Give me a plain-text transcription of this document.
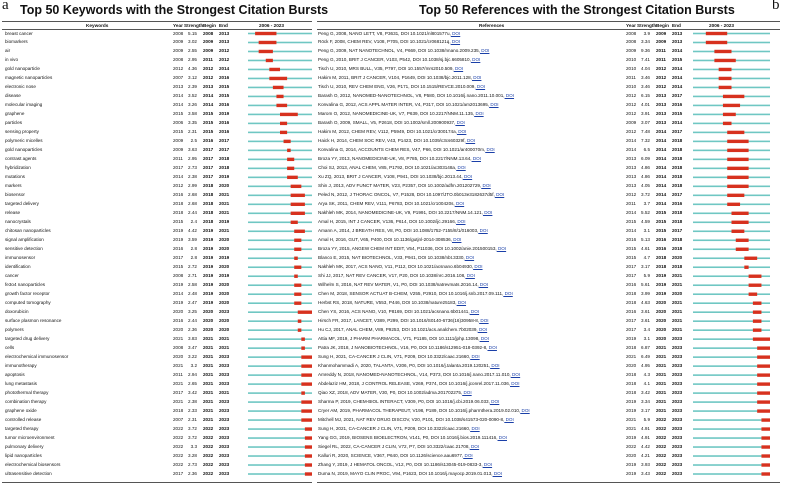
a Top 50 Keywords with the Strongest Citation Bursts
Keywords	Year Strength Begin End	2006 - 2023
breast cancer	2008	5.15 2008 2013
biomarkers	2009	3.02 2009 2013
air	2009	2.55 2009 2012
in vivo	2008	2.95 2011 2012
gold nanoparticle	2012	4.36 2012 2014
magnetic nanoparticles	2007	3.12 2012 2016
electronic nose	2013	2.39 2013 2015
disease	2014	3.52 2014 2015
molecular imaging	2014	3.26 2014 2016
graphene	2015	3.58 2015 2019
particles	2006	3.35 2015 2016
sensing property	2015	2.31 2015 2016
polymeric micelles	2009	2.5 2016 2017
gold nanoparticles	2009	3.63 2017 2017
contrast agents	2011	2.95 2017 2018
hybridization	2017	2.73 2017 2018
mutations	2014	2.38 2017 2019
markers	2012	2.99 2018 2020
biosensor	2016	2.68 2018 2021
targeted delivery	2018	2.68 2018 2021
release	2018	2.44 2018 2021
nanocrystals	2015	2.4 2018 2019
chitosan nanoparticles	2019	4.42 2019 2021
signal amplification	2019	3.59 2019 2020
sensitive detection	2016	2.8 2019 2020
immunosensor	2017	2.8 2019 2019
identification	2015	2.72 2019 2020
cancer	2008	2.71 2019 2019
fe3o4 nanoparticles	2019	2.58 2019 2020
growth factor receptor	2014	2.48 2019 2020
computed tomography	2019	2.47 2019 2020
doxorubicin	2020	3.25 2020 2023
surface plasmon resonance	2016	2.44 2020 2020
polymers	2020	2.36 2020 2020
targeted drug delivery	2021	3.83 2021 2021
cells	2008	3.47 2021 2021
electrochemical immunosensor	2020	3.22 2021 2023
immunotherapy	2021	3.2 2021 2023
apoptosis	2011	2.94 2021 2023
lung metastasis	2021	2.65 2021 2023
photothermal therapy	2017	3.42 2021 2021
combination therapy	2021	2.38 2021 2023
graphene oxide	2018	2.33 2021 2023
controlled release	2007	2.31 2021 2023
targeted therapy	2022	3.72 2022 2023
tumor microenvironment	2022	3.72 2022 2023
pulmonary delivery	2022	3.3 2022 2023
lipid nanoparticles	2022	3.28 2022 2023
electrochemical biosensors	2022	2.73 2022 2023
ultrasensitive detection	2017	2.36 2022 2023
b
Top 50 References with the Strongest Citation Bursts
References	Year Strength Begin End	2006 - 2023
Peng G, 2008, NANO LETT, V8, P3631, DOI 10.1021/nl801577u, DOI	2008	3.9 2009 2013
Röck F, 2008, CHEM REV, V108, P705, DOI 10.1021/cr068121q, DOI	2008	3.34 2009 2013
Peng G, 2009, NAT NANOTECHNOL, V4, P669, DOI 10.1038/nnano.2009.235, DOI	2009	9.36 2011 2014
Peng G, 2010, BRIT J CANCER, V103, P542, DOI 10.1038/sj.bjc.6605810, DOI	2010	7.41 2011 2015
Tisch U, 2010, MRS BULL, V35, P797, DOI 10.1557/mrs2010.509, DOI	2010	4.04 2012 2014
Hakim M, 2011, BRIT J CANCER, V104, P1649, DOI 10.1038/bjc.2011.128, DOI	2011	3.46 2012 2014
Tisch U, 2010, REV CHEM ENG, V26, P171, DOI 10.1515/REVCE.2010.009, DOI	2010	3.46 2012 2014
Barash O, 2012, NANOMED-NANOTECHNOL, V8, P580, DOI 10.1016/j.nano.2011.10.001, DOI	2012	6.15 2013 2017
Konvalina G, 2012, ACS APPL MATER INTER, V4, P317, DOI 10.1021/am2013695, DOI	2012	4.01 2013 2016
Marom O, 2012, NANOMEDICINE-UK, V7, P639, DOI 10.2217/NNM.11.135, DOI	2012	3.91 2013 2015
Barash O, 2009, SMALL, V5, P2618, DOI 10.1002/smll.200900937, DOI	2009	3.07 2013 2014
Hakim M, 2012, CHEM REV, V112, P5949, DOI 10.1021/cr300174a, DOI	2012	7.48 2014 2017
Haick H, 2014, CHEM SOC REV, V43, P1423, DOI 10.1039/c3cs60329f, DOI	2014	7.32 2014 2018
Konvalina G, 2014, ACCOUNTS CHEM RES, V47, P66, DOI 10.1021/ar400070m, DOI	2014	6.5 2014 2018
Broza YY, 2013, NANOMEDICINE-UK, V8, P785, DOI 10.2217/NNM.13.64, DOI	2013	6.09 2014 2018
Choi SJ, 2013, ANAL CHEM, V85, P1792, DOI 10.1021/ac303148a, DOI	2013	4.86 2014 2018
Xu ZQ, 2013, BRIT J CANCER, V108, P941, DOI 10.1038/bjc.2013.44, DOI	2013	4.86 2014 2018
Shin J, 2013, ADV FUNCT MATER, V23, P2357, DOI 10.1002/adfm.201202729, DOI	2013	4.05 2014 2018
Peled N, 2012, J THORAC ONCOL, V7, P1528, DOI 10.1097/JTO.0b013e3182637d5f, DOI	2012	3.72 2014 2017
Arya SK, 2011, CHEM REV, V111, P6783, DOI 10.1021/cr100420s, DOI	2011	3.7 2014 2016
Nakhleh MK, 2014, NANOMEDICINE-UK, V9, P1991, DOI 10.2217/NNM.14.121, DOI	2014	5.52 2015 2018
Amal H, 2015, INT J CANCER, V136, P614, DOI 10.1002/ijc.29166, DOI	2015	4.59 2015 2018
Amann A, 2014, J BREATH RES, V8, P0, DOI 10.1088/1752-7155/8/1/016003, DOI	2014	3.1 2015 2017
Amal H, 2016, GUT, V65, P400, DOI 10.1136/gutjnl-2014-308536, DOI	2016	5.13 2016 2018
Broza YY, 2015, ANGEW CHEM INT EDIT, V54, P11036, DOI 10.1002/anie.201500153, DOI	2015	4.61 2016 2018
Blanco E, 2015, NAT BIOTECHNOL, V33, P941, DOI 10.1038/nbt.3330, DOI	2015	4.7 2018 2020
Nakhleh MK, 2017, ACS NANO, V11, P112, DOI 10.1021/acsnano.6b04930, DOI	2017	3.17 2018 2018
Shi JJ, 2017, NAT REV CANCER, V17, P20, DOI 10.1038/nrc.2016.108, DOI	2017	5.9 2019 2021
Wilhelm S, 2016, NAT REV MATER, V1, P0, DOI 10.1038/natrevmats.2016.14, DOI	2016	5.61 2019 2021
Chen M, 2018, SENSOR ACTUAT B-CHEM, V255, P2910, DOI 10.1016/j.snb.2017.09.111, DOI	2018	3.99 2019 2020
Herbst RS, 2018, NATURE, V553, P446, DOI 10.1038/nature25183, DOI	2018	4.63 2020 2021
Chen YS, 2016, ACS NANO, V10, P8169, DOI 10.1021/acsnano.6b01441, DOI	2016	3.61 2020 2021
Hirsch FR, 2017, LANCET, V389, P299, DOI 10.1016/S0140-6736(16)30958-8, DOI	2017	3.61 2020 2021
Hu CJ, 2017, ANAL CHEM, V89, P9253, DOI 10.1021/acs.analchem.7b02039, DOI	2017	3.4 2020 2021
Attia MF, 2019, J PHARM PHARMACOL, V71, P1185, DOI 10.1111/jphp.13098, DOI	2019	3.1 2020 2023
Patra JK, 2018, J NANOBIOTECHNOL, V16, P0, DOI 10.1186/s12951-018-0392-8, DOI	2018	6.87 2021 2023
Sung H, 2021, CA-CANCER J CLIN, V71, P209, DOI 10.3322/caac.21660, DOI	2021	6.49 2021 2023
Khanmohammadi A, 2020, TALANTA, V206, P0, DOI 10.1016/j.talanta.2019.120251, DOI	2020	4.95 2021 2023
Amreddy N, 2018, NANOMED-NANOTECHNOL, V14, P373, DOI 10.1016/j.nano.2017.11.010, DOI	2018	4.3 2021 2023
Abdelaziz HM, 2018, J CONTROL RELEASE, V269, P374, DOI 10.1016/j.jconrel.2017.11.036, DOI	2018	4.1 2021 2023
Qiao XZ, 2018, ADV MATER, V30, P0, DOI 10.1002/adma.201702275, DOI	2018	3.42 2021 2023
Sharma P, 2019, CHEM-BIOL INTERACT, V309, P0, DOI 10.1016/j.cbi.2019.06.033, DOI	2019	3.34 2021 2023
Cryer AM, 2019, PHARMACOL THERAPEUT, V198, P189, DOI 10.1016/j.pharmthera.2019.02.010, DOI	2019	3.17 2021 2023
Mitchell MJ, 2021, NAT REV DRUG DISCOV, V20, P101, DOI 10.1038/s41573-020-0090-8, DOI	2021	5.9 2022 2023
Sung H, 2021, CA-CANCER J CLIN, V71, P209, DOI 10.3322/caac.21660, DOI	2021	4.91 2022 2023
Yang GG, 2019, BIOSENS BIOELECTRON, V141, P0, DOI 10.1016/j.bios.2019.111416, DOI	2019	4.91 2022 2023
Siegel RL, 2022, CA-CANCER J CLIN, V72, P7, DOI 10.3322/caac.21708, DOI	2022	4.42 2022 2023
Kalluri R, 2020, SCIENCE, V367, P640, DOI 10.1126/science.aau6977, DOI	2020	4.21 2022 2023
Zhang Y, 2019, J HEMATOL ONCOL, V12, P0, DOI 10.1186/s13045-019-0833-3, DOI	2019	3.93 2022 2023
Duma N, 2019, MAYO CLIN PROC, V94, P1623, DOI 10.1016/j.mayocp.2019.01.013, DOI	2019	3.43 2022 2023
